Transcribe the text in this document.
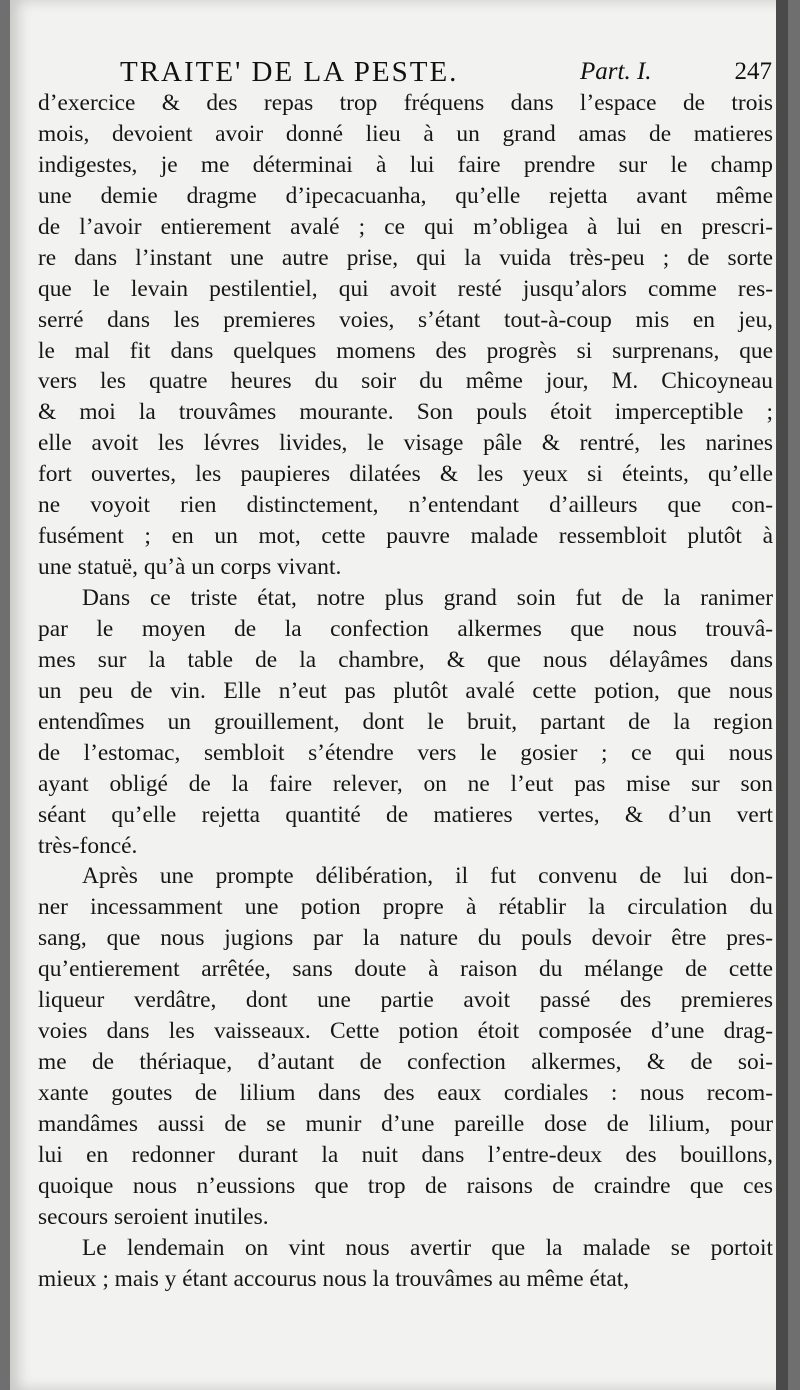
TRAITE' DE LA PESTE.	Part. I.	247
d’exercice & des repas trop fréquens dans l’espace de trois
mois, devoient avoir donné lieu à un grand amas de matieres
indigestes, je me déterminai à lui faire prendre sur le champ
une demie dragme d’ipecacuanha, qu’elle rejetta avant même
de l’avoir entierement avalé ; ce qui m’obligea à lui en prescri-
re dans l’instant une autre prise, qui la vuida très-peu ; de sorte
que le levain pestilentiel, qui avoit resté jusqu’alors comme res-
serré dans les premieres voies, s’étant tout-à-coup mis en jeu,
le mal fit dans quelques momens des progrès si surprenans, que
vers les quatre heures du soir du même jour, M. Chicoyneau
& moi la trouvâmes mourante. Son pouls étoit imperceptible ;
elle avoit les lévres livides, le visage pâle & rentré, les narines
fort ouvertes, les paupieres dilatées & les yeux si éteints, qu’elle
ne voyoit rien distinctement, n’entendant d’ailleurs que con-
fusément ; en un mot, cette pauvre malade ressembloit plutôt à
une statuë, qu’à un corps vivant.
Dans ce triste état, notre plus grand soin fut de la ranimer
par le moyen de la confection alkermes que nous trouvâ-
mes sur la table de la chambre, & que nous délayâmes dans
un peu de vin. Elle n’eut pas plutôt avalé cette potion, que nous
entendîmes un grouillement, dont le bruit, partant de la region
de l’estomac, sembloit s’étendre vers le gosier ; ce qui nous
ayant obligé de la faire relever, on ne l’eut pas mise sur son
séant qu’elle rejetta quantité de matieres vertes, & d’un vert
très-foncé.
Après une prompte délibération, il fut convenu de lui don-
ner incessamment une potion propre à rétablir la circulation du
sang, que nous jugions par la nature du pouls devoir être pres-
qu’entierement arrêtée, sans doute à raison du mélange de cette
liqueur verdâtre, dont une partie avoit passé des premieres
voies dans les vaisseaux. Cette potion étoit composée d’une drag-
me de thériaque, d’autant de confection alkermes, & de soi-
xante goutes de lilium dans des eaux cordiales : nous recom-
mandâmes aussi de se munir d’une pareille dose de lilium, pour
lui en redonner durant la nuit dans l’entre-deux des bouillons,
quoique nous n’eussions que trop de raisons de craindre que ces
secours seroient inutiles.
Le lendemain on vint nous avertir que la malade se portoit
mieux ; mais y étant accourus nous la trouvâmes au même état,
